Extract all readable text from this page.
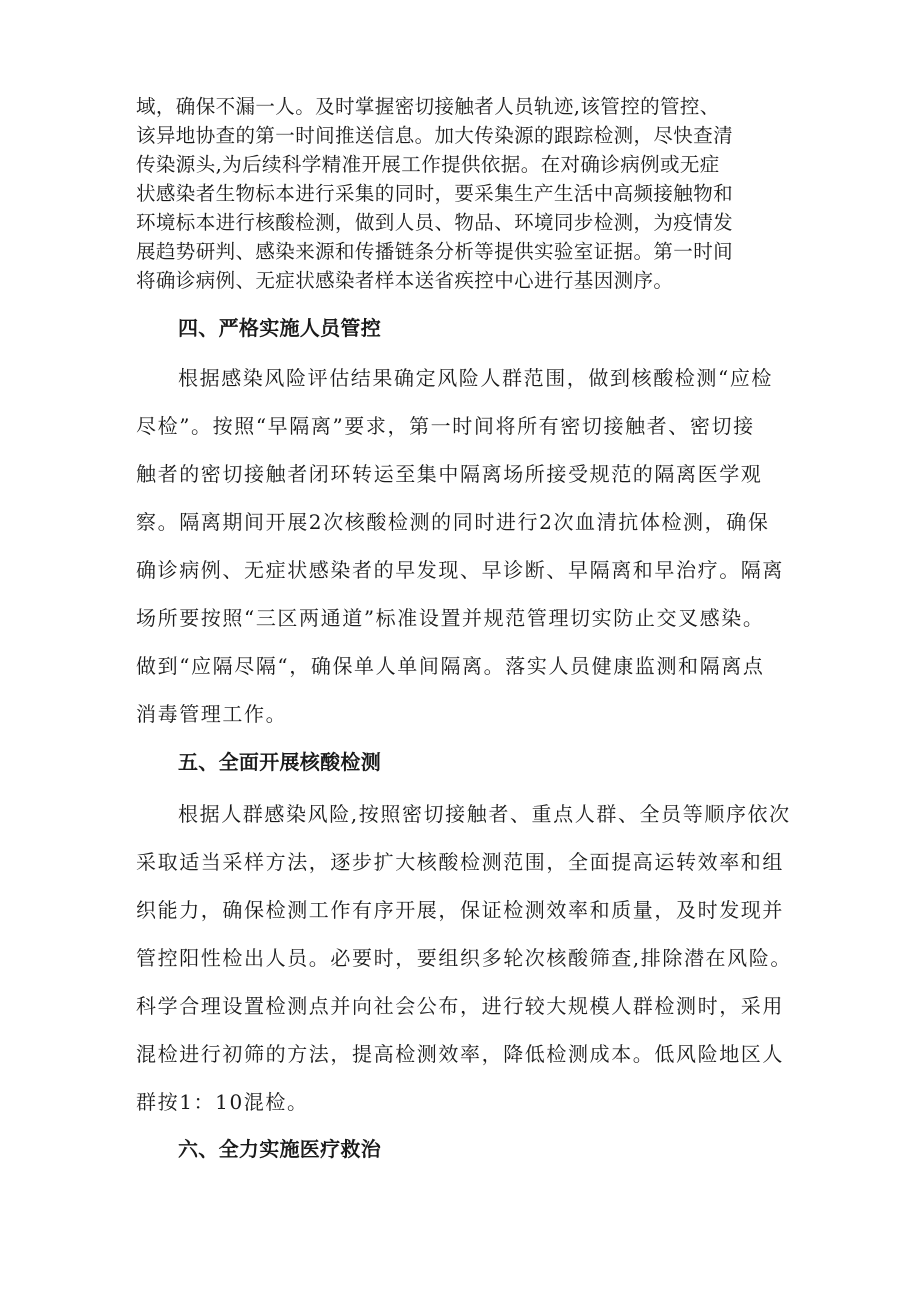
域，确保不漏一人。及时掌握密切接触者人员轨迹,该管控的管控、
该异地协查的第一时间推送信息。加大传染源的跟踪检测，尽快查清
传染源头,为后续科学精准开展工作提供依据。在对确诊病例或无症
状感染者生物标本进行采集的同时，要采集生产生活中高频接触物和
环境标本进行核酸检测，做到人员、物品、环境同步检测，为疫情发
展趋势研判、感染来源和传播链条分析等提供实验室证据。第一时间
将确诊病例、无症状感染者样本送省疾控中心进行基因测序。
四、严格实施人员管控
根据感染风险评估结果确定风险人群范围，做到核酸检测“应检
尽检”。按照“早隔离”要求，第一时间将所有密切接触者、密切接
触者的密切接触者闭环转运至集中隔离场所接受规范的隔离医学观
察。隔离期间开展2次核酸检测的同时进行2次血清抗体检测，确保
确诊病例、无症状感染者的早发现、早诊断、早隔离和早治疗。隔离
场所要按照“三区两通道”标准设置并规范管理切实防止交叉感染。
做到“应隔尽隔“，确保单人单间隔离。落实人员健康监测和隔离点
消毒管理工作。
五、全面开展核酸检测
根据人群感染风险,按照密切接触者、重点人群、全员等顺序依次
采取适当采样方法，逐步扩大核酸检测范围，全面提高运转效率和组
织能力，确保检测工作有序开展，保证检测效率和质量，及时发现并
管控阳性检出人员。必要时，要组织多轮次核酸筛查,排除潜在风险。
科学合理设置检测点并向社会公布，进行较大规模人群检测时，采用
混检进行初筛的方法，提高检测效率，降低检测成本。低风险地区人
群按1：10混检。
六、全力实施医疗救治
